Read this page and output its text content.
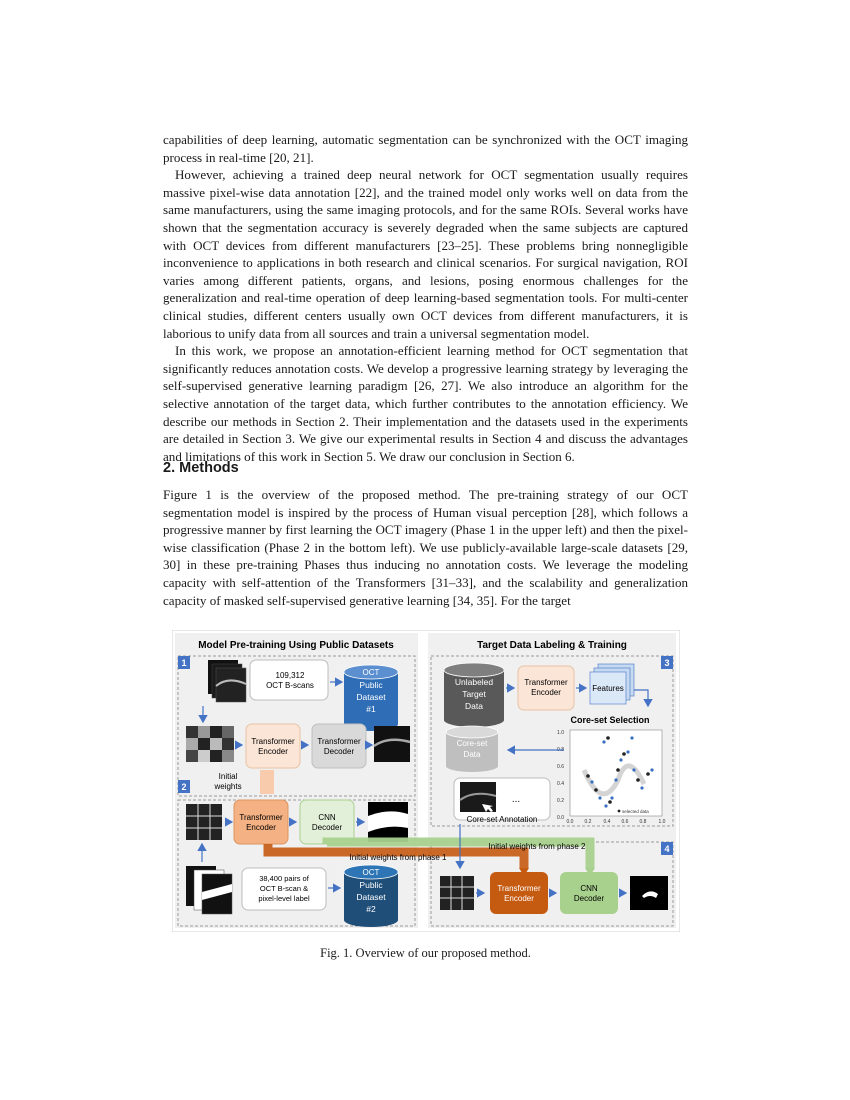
capabilities of deep learning, automatic segmentation can be synchronized with the OCT imaging process in real-time [20, 21].

However, achieving a trained deep neural network for OCT segmentation usually requires massive pixel-wise data annotation [22], and the trained model only works well on data from the same manufacturers, using the same imaging protocols, and for the same ROIs. Several works have shown that the segmentation accuracy is severely degraded when the same subjects are captured with OCT devices from different manufacturers [23–25]. These problems bring nonnegligible inconvenience to applications in both research and clinical scenarios. For surgical navigation, ROI varies among different patients, organs, and lesions, posing enormous challenges for the generalization and real-time operation of deep learning-based segmentation tools. For multi-center clinical studies, different centers usually own OCT devices from different manufacturers, it is laborious to unify data from all sources and train a universal segmentation model.

In this work, we propose an annotation-efficient learning method for OCT segmentation that significantly reduces annotation costs. We develop a progressive learning strategy by leveraging the self-supervised generative learning paradigm [26, 27]. We also introduce an algorithm for the selective annotation of the target data, which further contributes to the annotation efficiency. We describe our methods in Section 2. Their implementation and the datasets used in the experiments are detailed in Section 3. We give our experimental results in Section 4 and discuss the advantages and limitations of this work in Section 5. We draw our conclusion in Section 6.

2. Methods

Figure 1 is the overview of the proposed method. The pre-training strategy of our OCT segmentation model is inspired by the process of Human visual perception [28], which follows a progressive manner by first learning the OCT imagery (Phase 1 in the upper left) and then the pixel-wise classification (Phase 2 in the bottom left). We use publicly-available large-scale datasets [29, 30] in these pre-training Phases thus inducing no annotation costs. We leverage the modeling capacity with self-attention of the Transformers [31–33], and the scalability and generalization capacity of masked self-supervised generative learning [34, 35]. For the target

Model Pre-training Using Public Datasets	Target Data Labeling & Training
1
2
3
4
109,312
OCT B-scans
OCT
Public
Dataset
#1
Transformer
Encoder
Transformer
Decoder
Initial
weights
Transformer
Encoder
CNN
Decoder
38,400 pairs of
OCT B-scan &
pixel-level label
OCT
Public
Dataset
#2
Initial weights from phase 1
Initial weights from phase 2
Unlabeled
Target
Data
Transformer
Encoder	Features
Core-set Selection
1.0
0.8
0.6
0.4
0.2
0.0
0.0 0.2 0.4 0.6 0.8 1.0
selected data
Core-set
Data
...
Core-set Annotation
Transformer
Encoder
CNN
Decoder

Fig. 1. Overview of our proposed method.
